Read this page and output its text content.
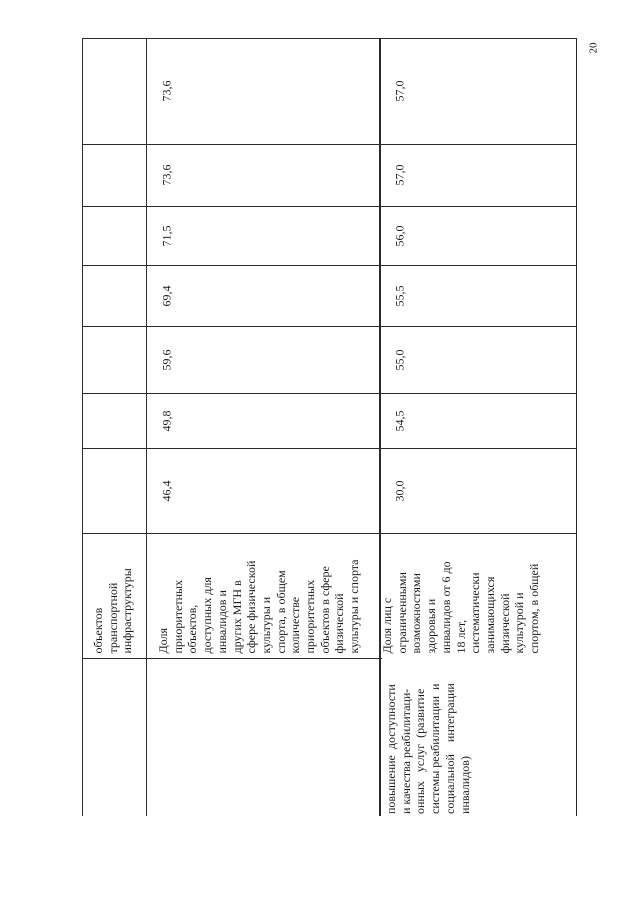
20
объектов транспортной инфраструктуры Доля приоритетных объектов, доступных для инвалидов и других МГН в сфере физической культуры и спорта, в общем количестве приоритетных объектов в сфере физической культуры и спорта
46,4
49,8
59,6
69,4
71,5
73,6
73,6
повышение  доступности и качества реабилитаци- онных   услуг  (развитие системы реабилитации  и социальной    интеграции инвалидов)
Доля лиц с ограниченными возможностями здоровья и инвалидов от 6 до 18 лет, систематически занимающихся физической культурой и спортом, в общей
30,0
54,5
55,0
55,5
56,0
57,0
57,0
